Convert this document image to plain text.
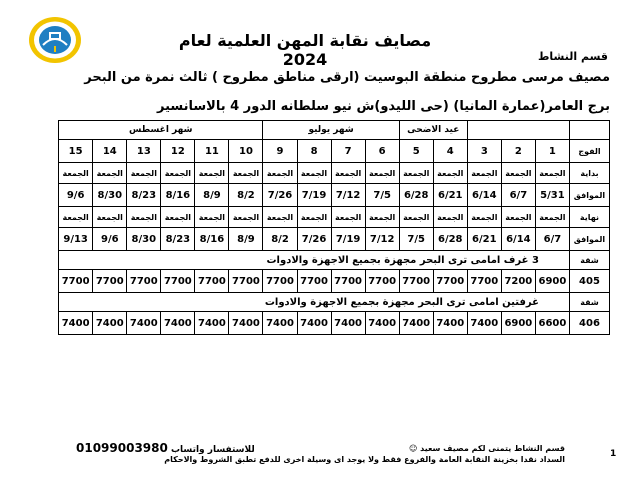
مصايف نقابة المهن العلمية لعام 2024	قسم النشاط
مصيف مرسى مطروح منطقة البوسيت (ارقى مناطق مطروح ) ثالث نمرة من البحر
برج العامر(عمارة المانيا) (حى الليدو)ش نيو سلطانه الدور 4 بالاسانسير
				عيد الاضحى		شهر يوليو				شهر اغسطس					
الفوج	1	2	3	4	5	6	7	8	9	10	11	12	13	14	15
بداية	الجمعة	الجمعة	الجمعة	الجمعة	الجمعة	الجمعة	الجمعة	الجمعة	الجمعة	الجمعة	الجمعة	الجمعة	الجمعة	الجمعة	الجمعة
الموافق	5/31	6/7	6/14	6/21	6/28	7/5	7/12	7/19	7/26	8/2	8/9	8/16	8/23	8/30	9/6
نهاية	الجمعة	الجمعة	الجمعة	الجمعة	الجمعة	الجمعة	الجمعة	الجمعة	الجمعة	الجمعة	الجمعة	الجمعة	الجمعة	الجمعة	الجمعة
الموافق	6/7	6/14	6/21	6/28	7/5	7/12	7/19	7/26	8/2	8/9	8/16	8/23	8/30	9/6	9/13
شقة	3 غرف امامى ترى البحر مجهزة بجميع الاجهزة والادوات														
405	6900	7200	7700	7700	7700	7700	7700	7700	7700	7700	7700	7700	7700	7700	7700
شقة	غرفتين امامى ترى البحر مجهزة بجميع الاجهزة والادوات														
406	6600	6900	7400	7400	7400	7400	7400	7400	7400	7400	7400	7400	7400	7400	7400
1
قسم النشاط يتمنى لكم مصيف سعيد ☺
السداد نقدا بخزينة النقابة العامة والفروع فقط ولا يوجد اى وسيلة اخرى للدفع تطبق الشروط والاحكام
للاستفسار واتساب 01099003980
